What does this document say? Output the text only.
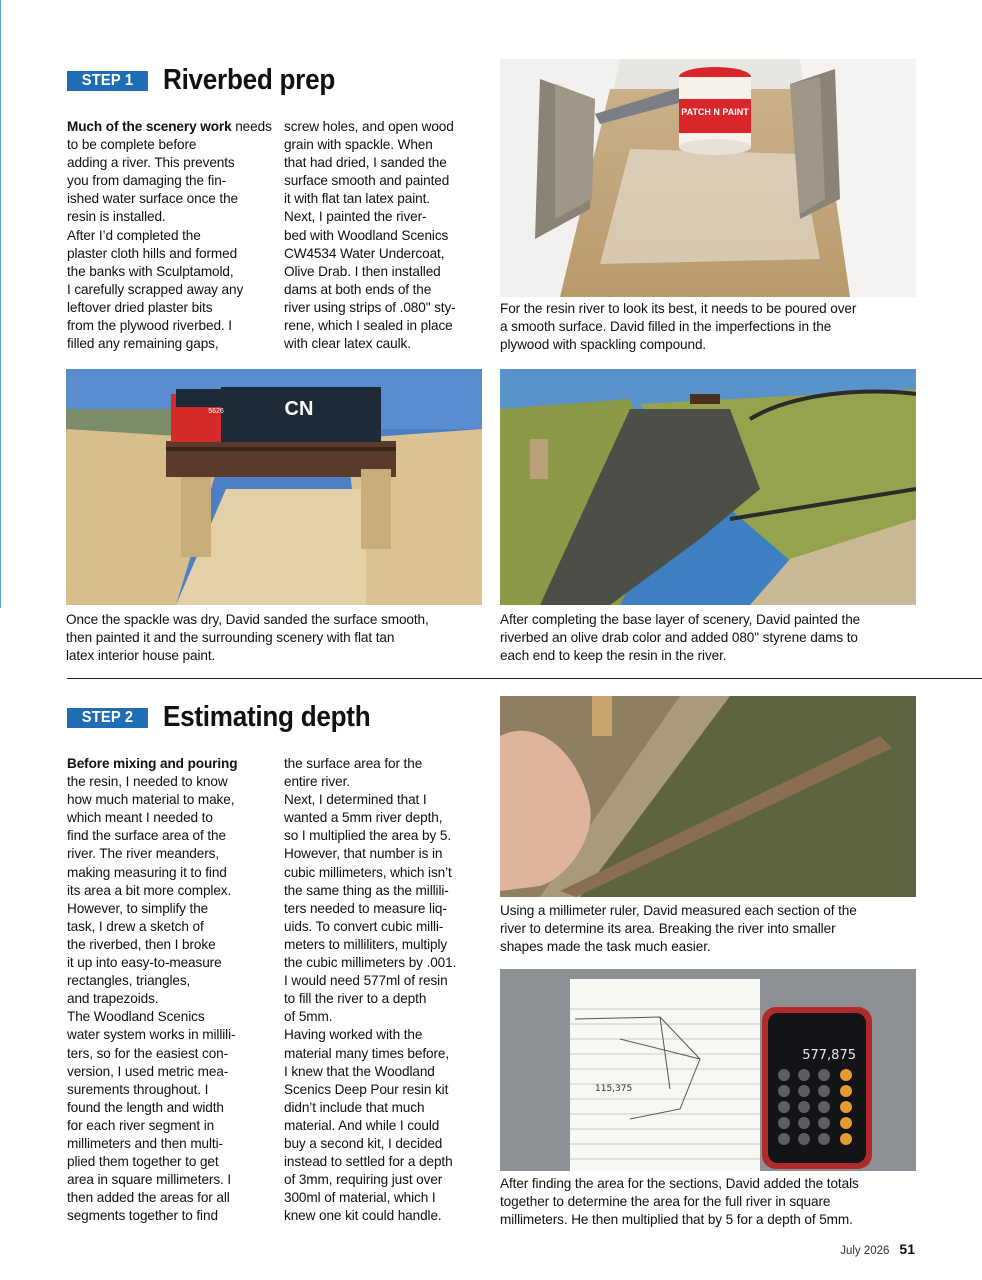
STEP 1	Riverbed prep
Much of the scenery work needs to be complete before
adding a river. This prevents
you from damaging the fin-
ished water surface once the
resin is installed.
After I’d completed the
plaster cloth hills and formed
the banks with Sculptamold,
I carefully scrapped away any
leftover dried plaster bits
from the plywood riverbed. I
filled any remaining gaps,
screw holes, and open wood
grain with spackle. When
that had dried, I sanded the
surface smooth and painted
it with flat tan latex paint.
Next, I painted the river-
bed with Woodland Scenics
CW4534 Water Undercoat,
Olive Drab. I then installed
dams at both ends of the
river using strips of .080" sty-
rene, which I sealed in place
with clear latex caulk.
PATCH N PAINT
For the resin river to look its best, it needs to be poured over
a smooth surface. David filled in the imperfections in the
plywood with spackling compound.
CN
5626
Once the spackle was dry, David sanded the surface smooth,
then painted it and the surrounding scenery with flat tan
latex interior house paint.
After completing the base layer of scenery, David painted the
riverbed an olive drab color and added 080" styrene dams to
each end to keep the resin in the river.
STEP 2	Estimating depth
Before mixing and pouring
the resin, I needed to know
how much material to make,
which meant I needed to
find the surface area of the
river. The river meanders,
making measuring it to find
its area a bit more complex.
However, to simplify the
task, I drew a sketch of
the riverbed, then I broke
it up into easy-to-measure
rectangles, triangles,
and trapezoids.
The Woodland Scenics
water system works in millili-
ters, so for the easiest con-
version, I used metric mea-
surements throughout. I
found the length and width
for each river segment in
millimeters and then multi-
plied them together to get
area in square millimeters. I
then added the areas for all
segments together to find
the surface area for the
entire river.
Next, I determined that I
wanted a 5mm river depth,
so I multiplied the area by 5.
However, that number is in
cubic millimeters, which isn’t
the same thing as the millili-
ters needed to measure liq-
uids. To convert cubic milli-
meters to milliliters, multiply
the cubic millimeters by .001.
I would need 577ml of resin
to fill the river to a depth
of 5mm.
Having worked with the
material many times before,
I knew that the Woodland
Scenics Deep Pour resin kit
didn’t include that much
material. And while I could
buy a second kit, I decided
instead to settled for a depth
of 3mm, requiring just over
300ml of material, which I
knew one kit could handle.
Using a millimeter ruler, David measured each section of the
river to determine its area. Breaking the river into smaller
shapes made the task much easier.
115,375
577,875
After finding the area for the sections, David added the totals
together to determine the area for the full river in square
millimeters. He then multiplied that by 5 for a depth of 5mm.
July 2026 51
